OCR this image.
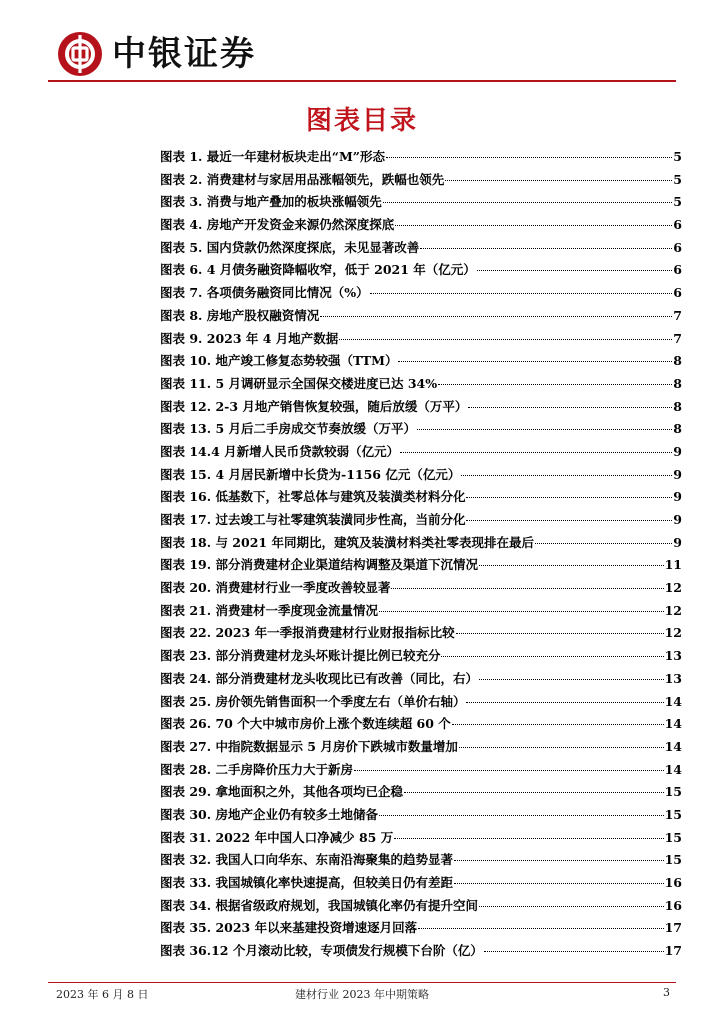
中银证券
图表目录
图表 1. 最近一年建材板块走出“M”形态	5
图表 2. 消费建材与家居用品涨幅领先，跌幅也领先	5
图表 3. 消费与地产叠加的板块涨幅领先	5
图表 4. 房地产开发资金来源仍然深度探底	6
图表 5. 国内贷款仍然深度探底，未见显著改善	6
图表 6. 4 月债务融资降幅收窄，低于 2021 年（亿元）	6
图表 7. 各项债务融资同比情况（%）	6
图表 8. 房地产股权融资情况	7
图表 9. 2023 年 4 月地产数据	7
图表 10. 地产竣工修复态势较强（TTM）	8
图表 11. 5 月调研显示全国保交楼进度已达 34%	8
图表 12. 2-3 月地产销售恢复较强，随后放缓（万平）	8
图表 13. 5 月后二手房成交节奏放缓（万平）	8
图表 14.4 月新增人民币贷款较弱（亿元）	9
图表 15. 4 月居民新增中长贷为-1156 亿元（亿元）	9
图表 16. 低基数下，社零总体与建筑及装潢类材料分化	9
图表 17. 过去竣工与社零建筑装潢同步性高，当前分化	9
图表 18. 与 2021 年同期比，建筑及装潢材料类社零表现排在最后	9
图表 19. 部分消费建材企业渠道结构调整及渠道下沉情况	11
图表 20. 消费建材行业一季度改善较显著	12
图表 21. 消费建材一季度现金流量情况	12
图表 22. 2023 年一季报消费建材行业财报指标比较	12
图表 23. 部分消费建材龙头坏账计提比例已较充分	13
图表 24. 部分消费建材龙头收现比已有改善（同比，右）	13
图表 25. 房价领先销售面积一个季度左右（单价右轴）	14
图表 26. 70 个大中城市房价上涨个数连续超 60 个	14
图表 27. 中指院数据显示 5 月房价下跌城市数量增加	14
图表 28. 二手房降价压力大于新房	14
图表 29. 拿地面积之外，其他各项均已企稳	15
图表 30. 房地产企业仍有较多土地储备	15
图表 31. 2022 年中国人口净减少 85 万	15
图表 32. 我国人口向华东、东南沿海聚集的趋势显著	15
图表 33. 我国城镇化率快速提高，但较美日仍有差距	16
图表 34. 根据省级政府规划，我国城镇化率仍有提升空间	16
图表 35. 2023 年以来基建投资增速逐月回落	17
图表 36.12 个月滚动比较，专项债发行规模下台阶（亿）	17
2023 年 6 月 8 日	建材行业 2023 年中期策略	3
